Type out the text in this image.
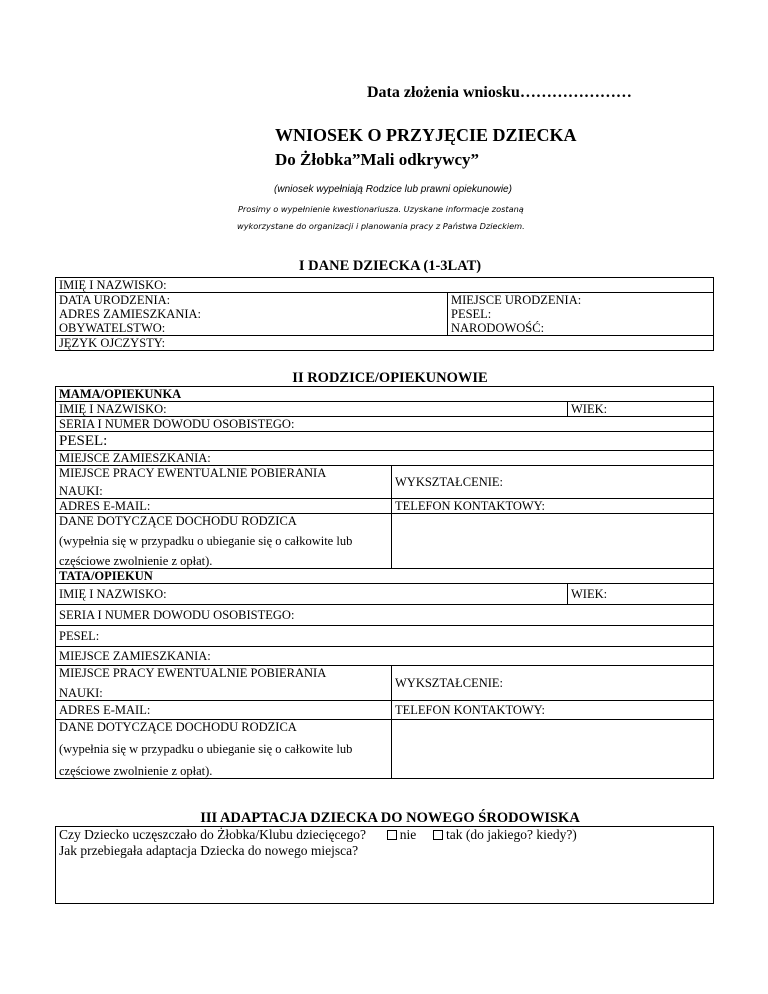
Data złożenia wniosku…………………
WNIOSEK O PRZYJĘCIE DZIECKA
Do Żłobka”Mali odkrywcy”
(wniosek wypełniają Rodzice lub prawni opiekunowie)
Prosimy o wypełnienie kwestionariusza. Uzyskane informacje zostaną
wykorzystane do organizacji i planowania pracy z Państwa Dzieckiem.
I DANE DZIECKA (1-3LAT)
IMIĘ I NAZWISKO:

DATA URODZENIA:
ADRES ZAMIESZKANIA:
OBYWATELSTWO:

MIEJSCE URODZENIA:
PESEL:
NARODOWOŚĆ:

JĘZYK OJCZYSTY:
II RODZICE/OPIEKUNOWIE
MAMA/OPIEKUNKA		
IMIĘ I NAZWISKO:		WIEK:
SERIA I NUMER DOWODU OSOBISTEGO:		
PESEL:		
MIEJSCE ZAMIESZKANIA:		

MIEJSCE PRACY EWENTUALNIE POBIERANIA
NAUKI:	WYKSZTAŁCENIE:	
ADRES E-MAIL:	TELEFON KONTAKTOWY:	

DANE DOTYCZĄCE DOCHODU RODZICA
(wypełnia się w przypadku o ubieganie się o całkowite lub
częściowe zwolnienie z opłat).		

TATA/OPIEKUN		
IMIĘ I NAZWISKO:		WIEK:
SERIA I NUMER DOWODU OSOBISTEGO:		
PESEL:		
MIEJSCE ZAMIESZKANIA:		

MIEJSCE PRACY EWENTUALNIE POBIERANIA
NAUKI:	WYKSZTAŁCENIE:	
ADRES E-MAIL:	TELEFON KONTAKTOWY:	

DANE DOTYCZĄCE DOCHODU RODZICA
(wypełnia się w przypadku o ubieganie się o całkowite lub
częściowe zwolnienie z opłat).		

III ADAPTACJA DZIECKA DO NOWEGO ŚRODOWISKA
Czy Dziecko uczęszczało do Żłobka/Klubu dziecięcego?	nie tak (do jakiego? kiedy?)
Jak przebiegała adaptacja Dziecka do nowego miejsca?
